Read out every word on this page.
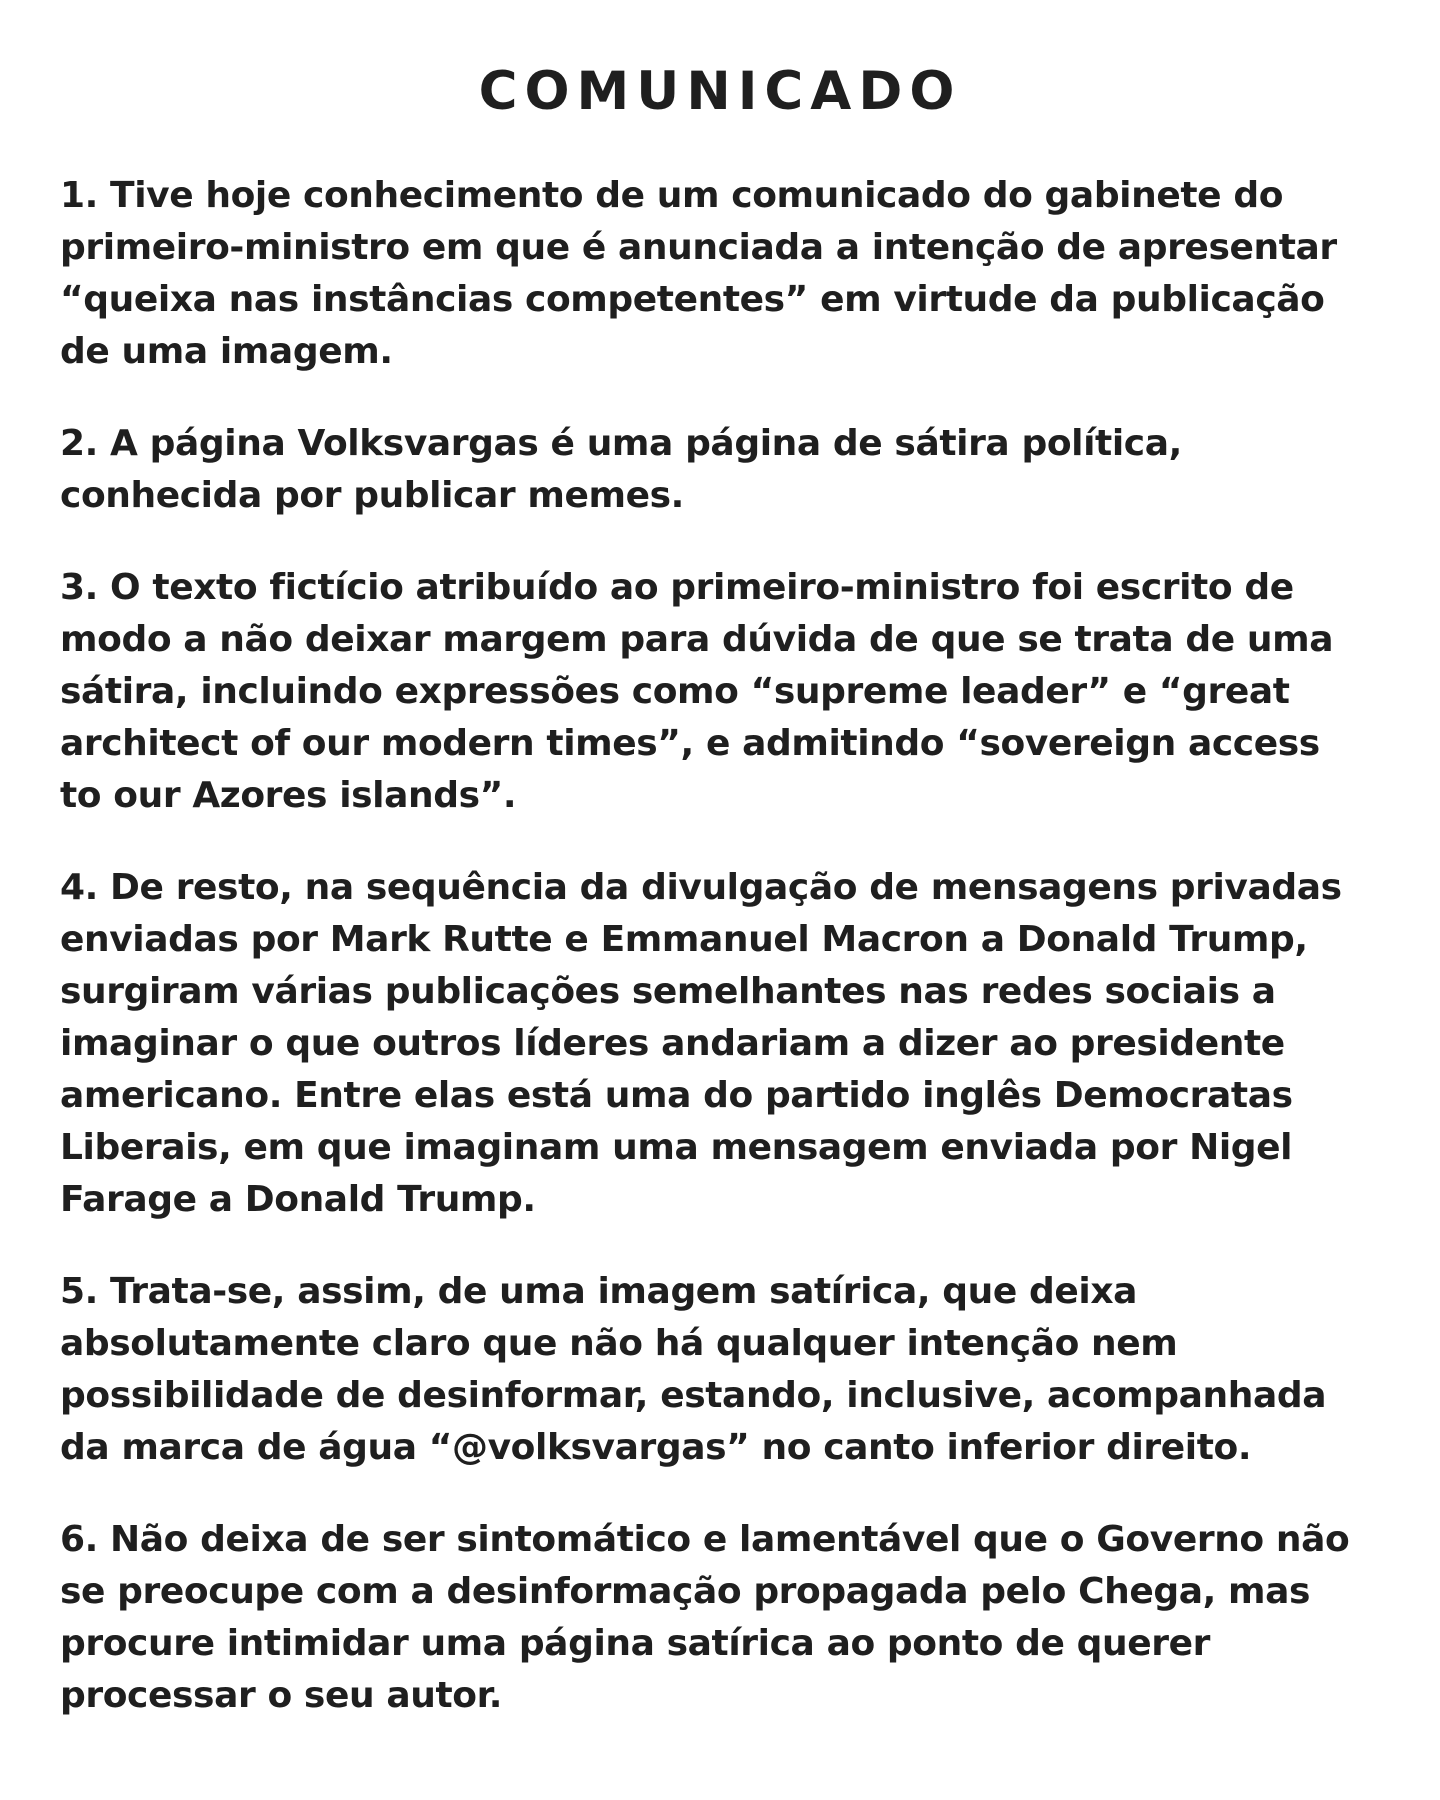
COMUNICADO

1. Tive hoje conhecimento de um comunicado do gabinete do
primeiro-ministro em que é anunciada a intenção de apresentar
“queixa nas instâncias competentes” em virtude da publicação
de uma imagem.

2. A página Volksvargas é uma página de sátira política,
conhecida por publicar memes.

3. O texto fictício atribuído ao primeiro-ministro foi escrito de
modo a não deixar margem para dúvida de que se trata de uma
sátira, incluindo expressões como “supreme leader” e “great
architect of our modern times”, e admitindo “sovereign access
to our Azores islands”.

4. De resto, na sequência da divulgação de mensagens privadas
enviadas por Mark Rutte e Emmanuel Macron a Donald Trump,
surgiram várias publicações semelhantes nas redes sociais a
imaginar o que outros líderes andariam a dizer ao presidente
americano. Entre elas está uma do partido inglês Democratas
Liberais, em que imaginam uma mensagem enviada por Nigel
Farage a Donald Trump.

5. Trata-se, assim, de uma imagem satírica, que deixa
absolutamente claro que não há qualquer intenção nem
possibilidade de desinformar, estando, inclusive, acompanhada
da marca de água “@volksvargas” no canto inferior direito.

6. Não deixa de ser sintomático e lamentável que o Governo não
se preocupe com a desinformação propagada pelo Chega, mas
procure intimidar uma página satírica ao ponto de querer
processar o seu autor.
